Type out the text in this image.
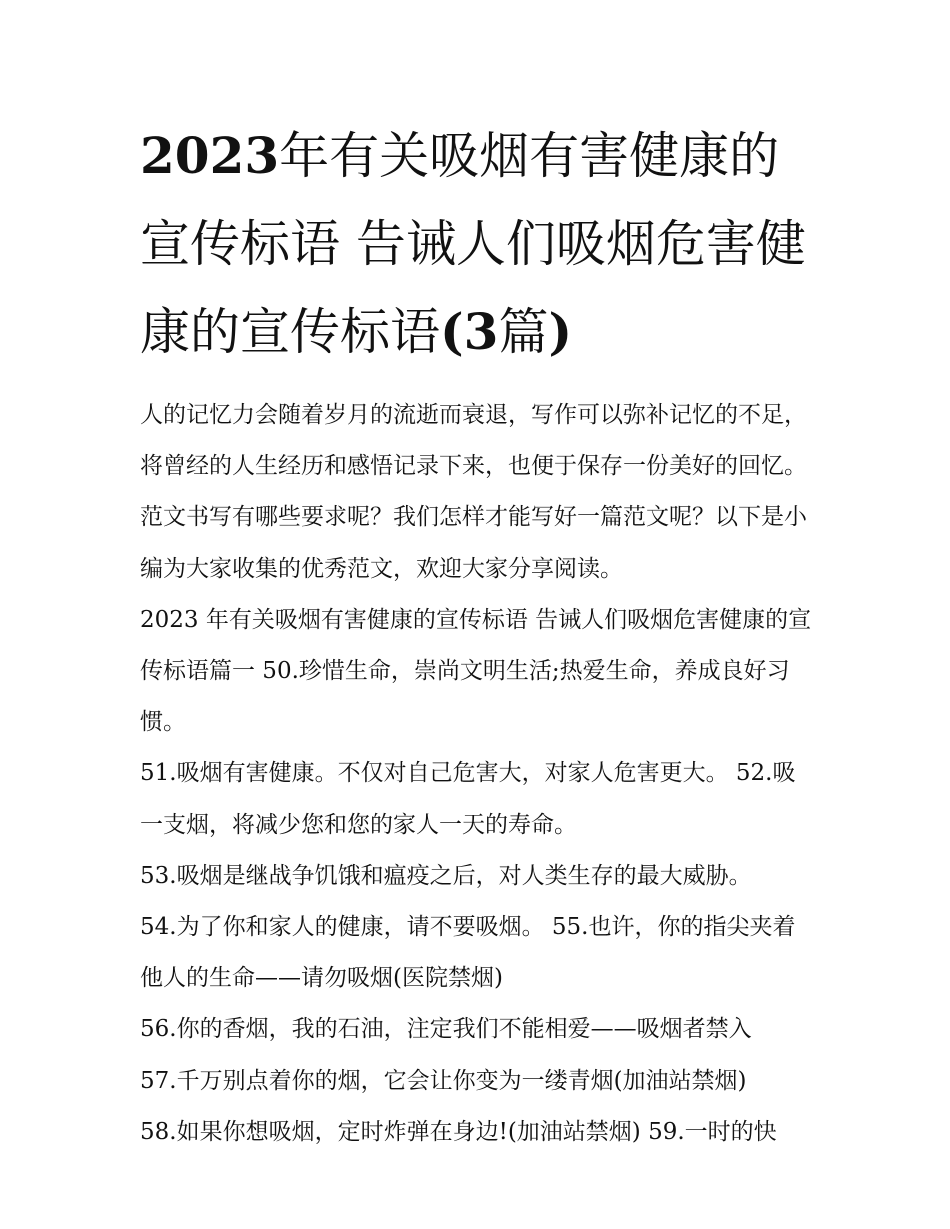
2023年有关吸烟有害健康的宣传标语 告诫人们吸烟危害健康的宣传标语(3篇)

人的记忆力会随着岁月的流逝而衰退，写作可以弥补记忆的不足，将曾经的人生经历和感悟记录下来，也便于保存一份美好的回忆。范文书写有哪些要求呢？我们怎样才能写好一篇范文呢？以下是小编为大家收集的优秀范文，欢迎大家分享阅读。

2023 年有关吸烟有害健康的宣传标语 告诫人们吸烟危害健康的宣传标语篇一 50.珍惜生命，崇尚文明生活;热爱生命，养成良好习惯。

51.吸烟有害健康。不仅对自己危害大，对家人危害更大。 52.吸一支烟，将减少您和您的家人一天的寿命。

53.吸烟是继战争饥饿和瘟疫之后，对人类生存的最大威胁。

54.为了你和家人的健康，请不要吸烟。 55.也许，你的指尖夹着他人的生命——请勿吸烟(医院禁烟)

56.你的香烟，我的石油，注定我们不能相爱——吸烟者禁入

57.千万别点着你的烟，它会让你变为一缕青烟(加油站禁烟)

58.如果你想吸烟，定时炸弹在身边!(加油站禁烟) 59.一时的快
